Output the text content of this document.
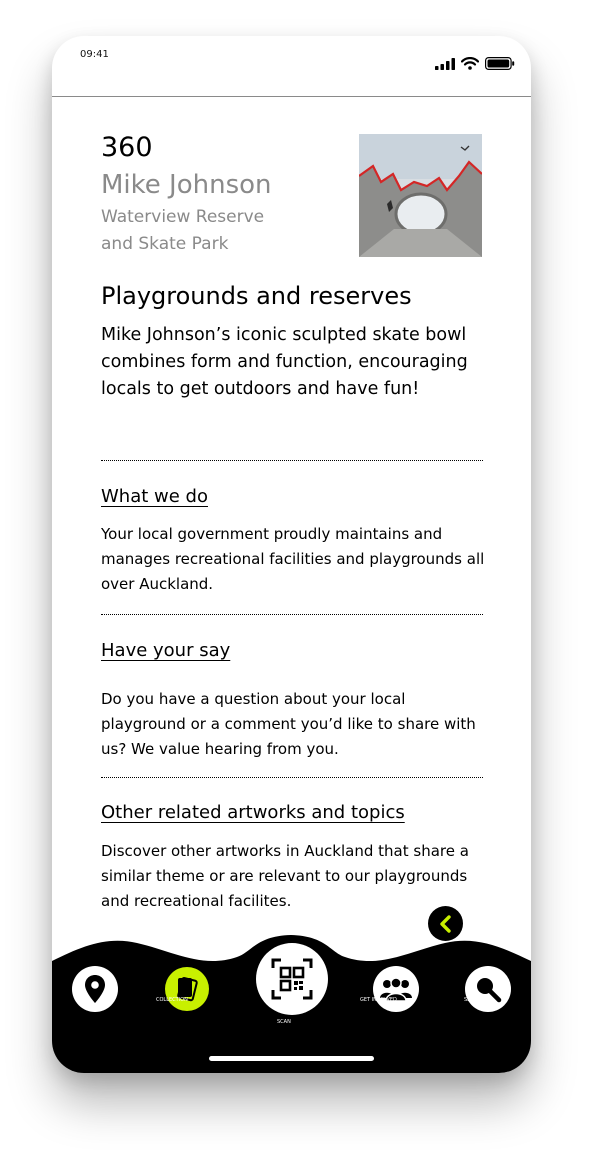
09:41
360
Mike Johnson
Waterview Reserve and Skate Park
Playgrounds and reserves
Mike Johnson’s iconic sculpted skate bowl combines form and function, encouraging locals to get outdoors and have fun!
What we do
Your local government proudly maintains and manages recreational facilities and playgrounds all over Auckland.
Have your say
Do you have a question about your local playground or a comment you’d like to share with us? We value hearing from you.
Other related artworks and topics
Discover other artworks in Auckland that share a similar theme or are relevant to our playgrounds and recreational facilites.
COLLECTION
SCAN
GET INVOLVED	SEARCH
